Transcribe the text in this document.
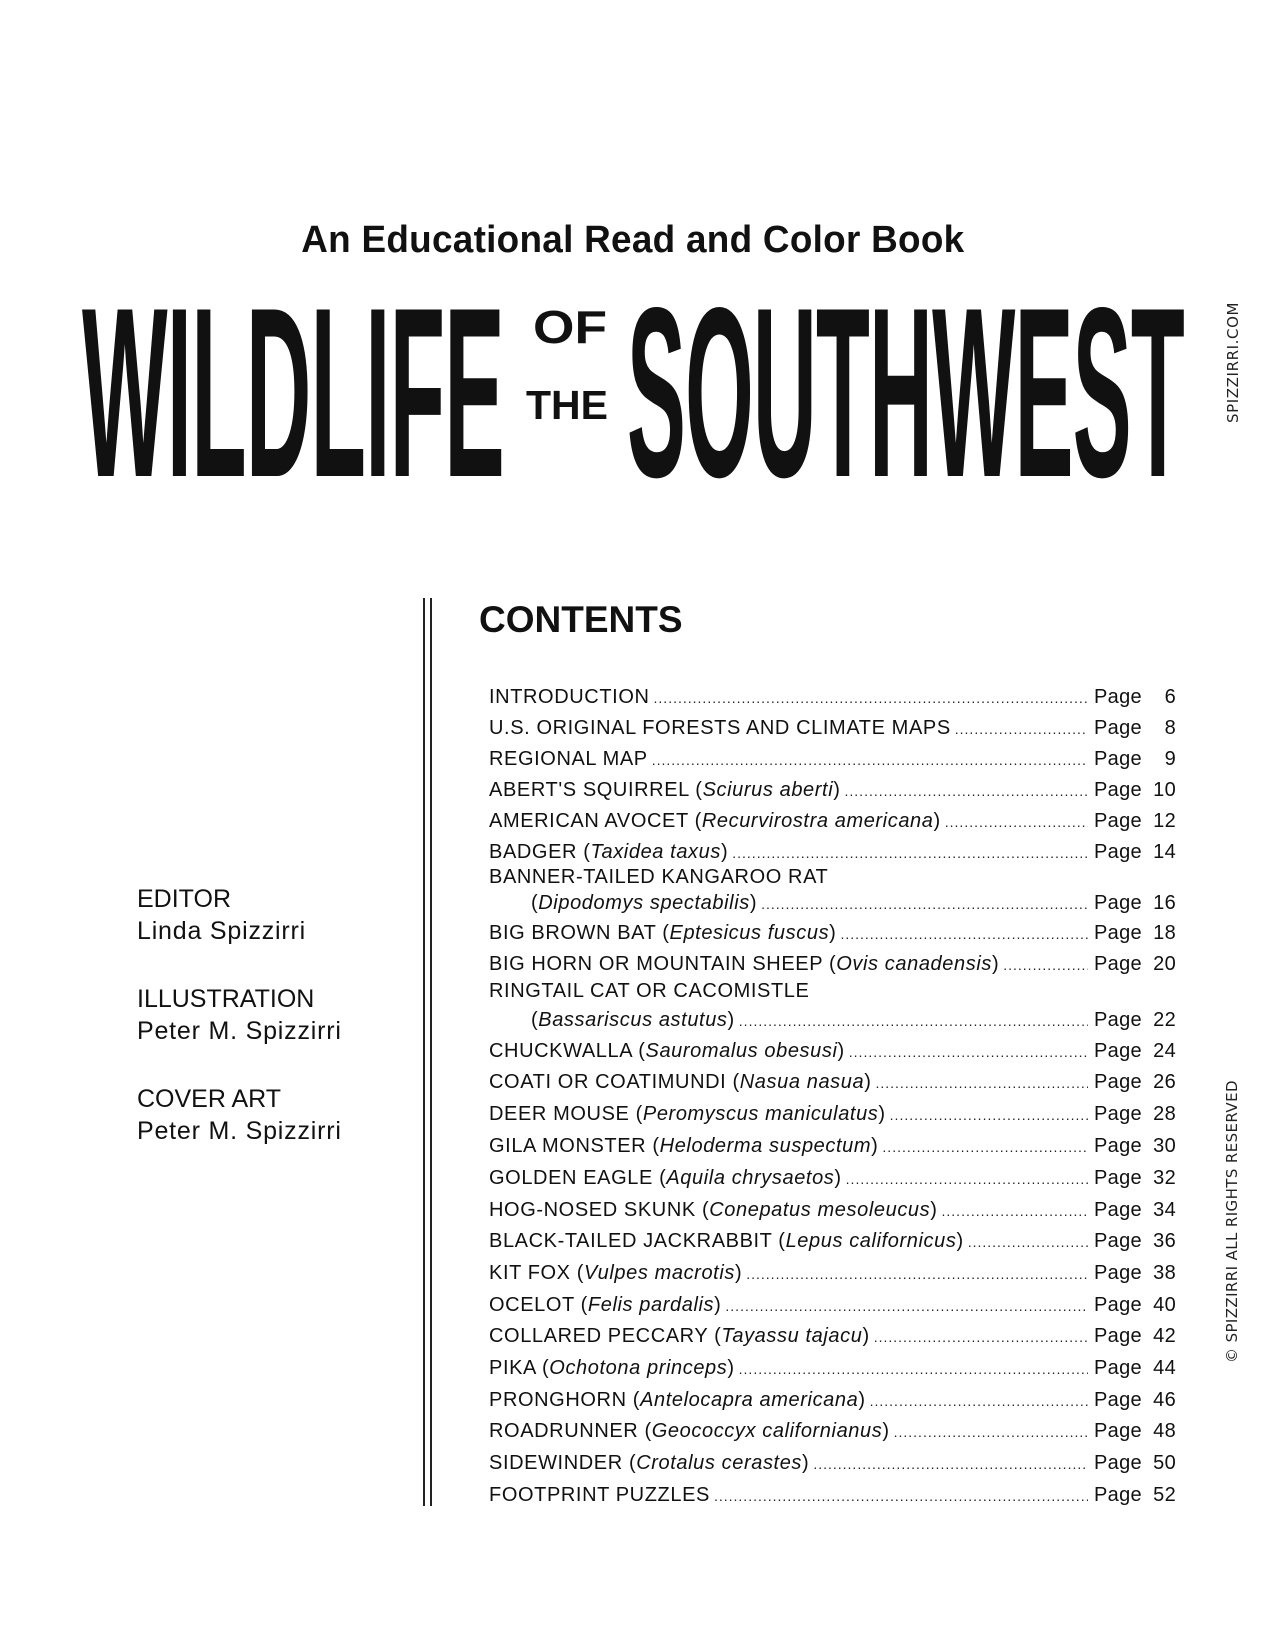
An Educational Read and Color Book
WILDLIFE OF
THE SOUTHWEST	SPIZZIRRI.COM
© SPIZZIRRI ALL RIGHTS RESERVED
EDITOR
Linda Spizzirri
ILLUSTRATION
Peter M. Spizzirri
COVER ART
Peter M. Spizzirri
CONTENTS
INTRODUCTION .....	Page	6
U.S. ORIGINAL FORESTS AND CLIMATE MAPS .....	Page	8
REGIONAL MAP .....	Page	9
ABERT'S SQUIRREL (Sciurus aberti) .....	Page 10
AMERICAN AVOCET (Recurvirostra americana) .....	Page 12
BADGER (Taxidea taxus) .....	Page 14
BANNER-TAILED KANGAROO RAT
(Dipodomys spectabilis) .....	Page 16
BIG BROWN BAT (Eptesicus fuscus) .....	Page 18
BIG HORN OR MOUNTAIN SHEEP (Ovis canadensis) .....	Page 20
RINGTAIL CAT OR CACOMISTLE
(Bassariscus astutus) .....	Page 22
CHUCKWALLA (Sauromalus obesusi) .....	Page 24
COATI OR COATIMUNDI (Nasua nasua) .....	Page 26
DEER MOUSE (Peromyscus maniculatus) .....	Page 28
GILA MONSTER (Heloderma suspectum) .....	Page 30
GOLDEN EAGLE (Aquila chrysaetos) .....	Page 32
HOG-NOSED SKUNK (Conepatus mesoleucus) .....	Page 34
BLACK-TAILED JACKRABBIT (Lepus californicus) .....	Page 36
KIT FOX (Vulpes macrotis) .....	Page 38
OCELOT (Felis pardalis) .....	Page 40
COLLARED PECCARY (Tayassu tajacu) .....	Page 42
PIKA (Ochotona princeps) .....	Page 44
PRONGHORN (Antelocapra americana) .....	Page 46
ROADRUNNER (Geococcyx californianus) .....	Page 48
SIDEWINDER (Crotalus cerastes) .....	Page 50
FOOTPRINT PUZZLES .....	Page 52
